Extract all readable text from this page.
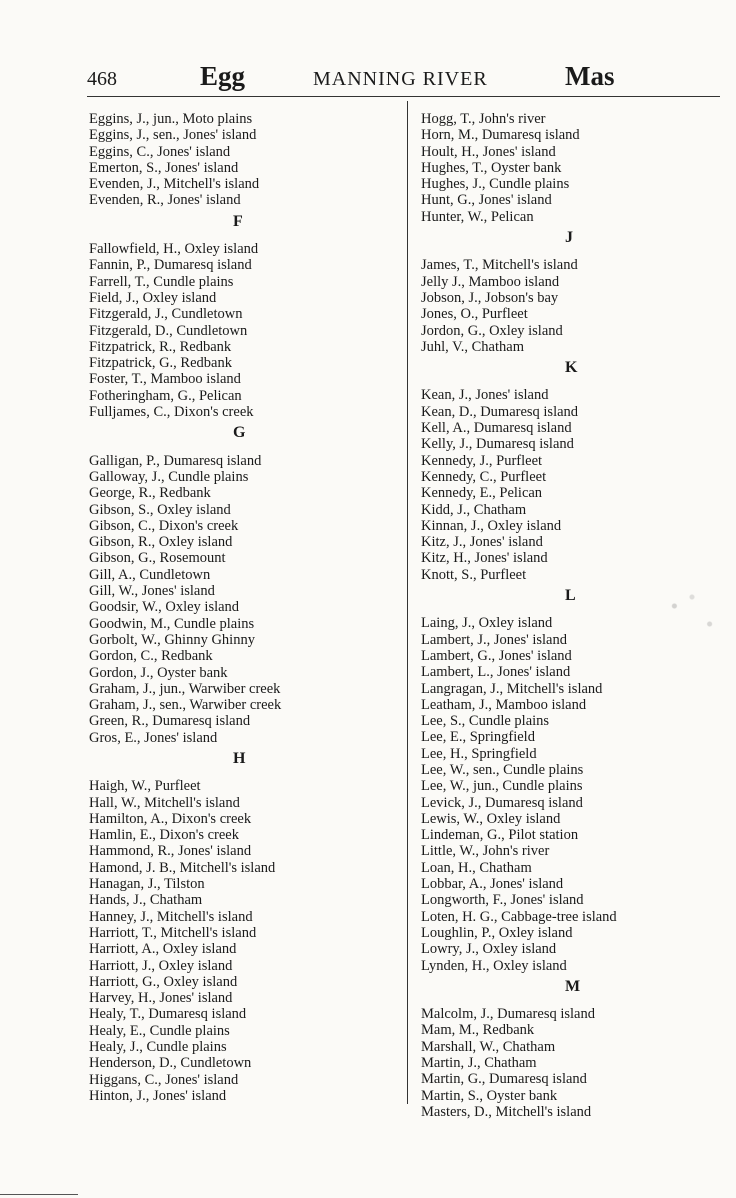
468	Egg	MANNING RIVER	Mas
Eggins, J., jun., Moto plains
Eggins, J., sen., Jones' island
Eggins, C., Jones' island
Emerton, S., Jones' island
Evenden, J., Mitchell's island
Evenden, R., Jones' island
F
Fallowfield, H., Oxley island
Fannin, P., Dumaresq island
Farrell, T., Cundle plains
Field, J., Oxley island
Fitzgerald, J., Cundletown
Fitzgerald, D., Cundletown
Fitzpatrick, R., Redbank
Fitzpatrick, G., Redbank
Foster, T., Mamboo island
Fotheringham, G., Pelican
Fulljames, C., Dixon's creek
G
Galligan, P., Dumaresq island
Galloway, J., Cundle plains
George, R., Redbank
Gibson, S., Oxley island
Gibson, C., Dixon's creek
Gibson, R., Oxley island
Gibson, G., Rosemount
Gill, A., Cundletown
Gill, W., Jones' island
Goodsir, W., Oxley island
Goodwin, M., Cundle plains
Gorbolt, W., Ghinny Ghinny
Gordon, C., Redbank
Gordon, J., Oyster bank
Graham, J., jun., Warwiber creek
Graham, J., sen., Warwiber creek
Green, R., Dumaresq island
Gros, E., Jones' island
H
Haigh, W., Purfleet
Hall, W., Mitchell's island
Hamilton, A., Dixon's creek
Hamlin, E., Dixon's creek
Hammond, R., Jones' island
Hamond, J. B., Mitchell's island
Hanagan, J., Tilston
Hands, J., Chatham
Hanney, J., Mitchell's island
Harriott, T., Mitchell's island
Harriott, A., Oxley island
Harriott, J., Oxley island
Harriott, G., Oxley island
Harvey, H., Jones' island
Healy, T., Dumaresq island
Healy, E., Cundle plains
Healy, J., Cundle plains
Henderson, D., Cundletown
Higgans, C., Jones' island
Hinton, J., Jones' island
Hogg, T., John's river
Horn, M., Dumaresq island
Hoult, H., Jones' island
Hughes, T., Oyster bank
Hughes, J., Cundle plains
Hunt, G., Jones' island
Hunter, W., Pelican
J
James, T., Mitchell's island
Jelly J., Mamboo island
Jobson, J., Jobson's bay
Jones, O., Purfleet
Jordon, G., Oxley island
Juhl, V., Chatham
K
Kean, J., Jones' island
Kean, D., Dumaresq island
Kell, A., Dumaresq island
Kelly, J., Dumaresq island
Kennedy, J., Purfleet
Kennedy, C., Purfleet
Kennedy, E., Pelican
Kidd, J., Chatham
Kinnan, J., Oxley island
Kitz, J., Jones' island
Kitz, H., Jones' island
Knott, S., Purfleet
L
Laing, J., Oxley island
Lambert, J., Jones' island
Lambert, G., Jones' island
Lambert, L., Jones' island
Langragan, J., Mitchell's island
Leatham, J., Mamboo island
Lee, S., Cundle plains
Lee, E., Springfield
Lee, H., Springfield
Lee, W., sen., Cundle plains
Lee, W., jun., Cundle plains
Levick, J., Dumaresq island
Lewis, W., Oxley island
Lindeman, G., Pilot station
Little, W., John's river
Loan, H., Chatham
Lobbar, A., Jones' island
Longworth, F., Jones' island
Loten, H. G., Cabbage-tree island
Loughlin, P., Oxley island
Lowry, J., Oxley island
Lynden, H., Oxley island
M
Malcolm, J., Dumaresq island
Mam, M., Redbank
Marshall, W., Chatham
Martin, J., Chatham
Martin, G., Dumaresq island
Martin, S., Oyster bank
Masters, D., Mitchell's island
